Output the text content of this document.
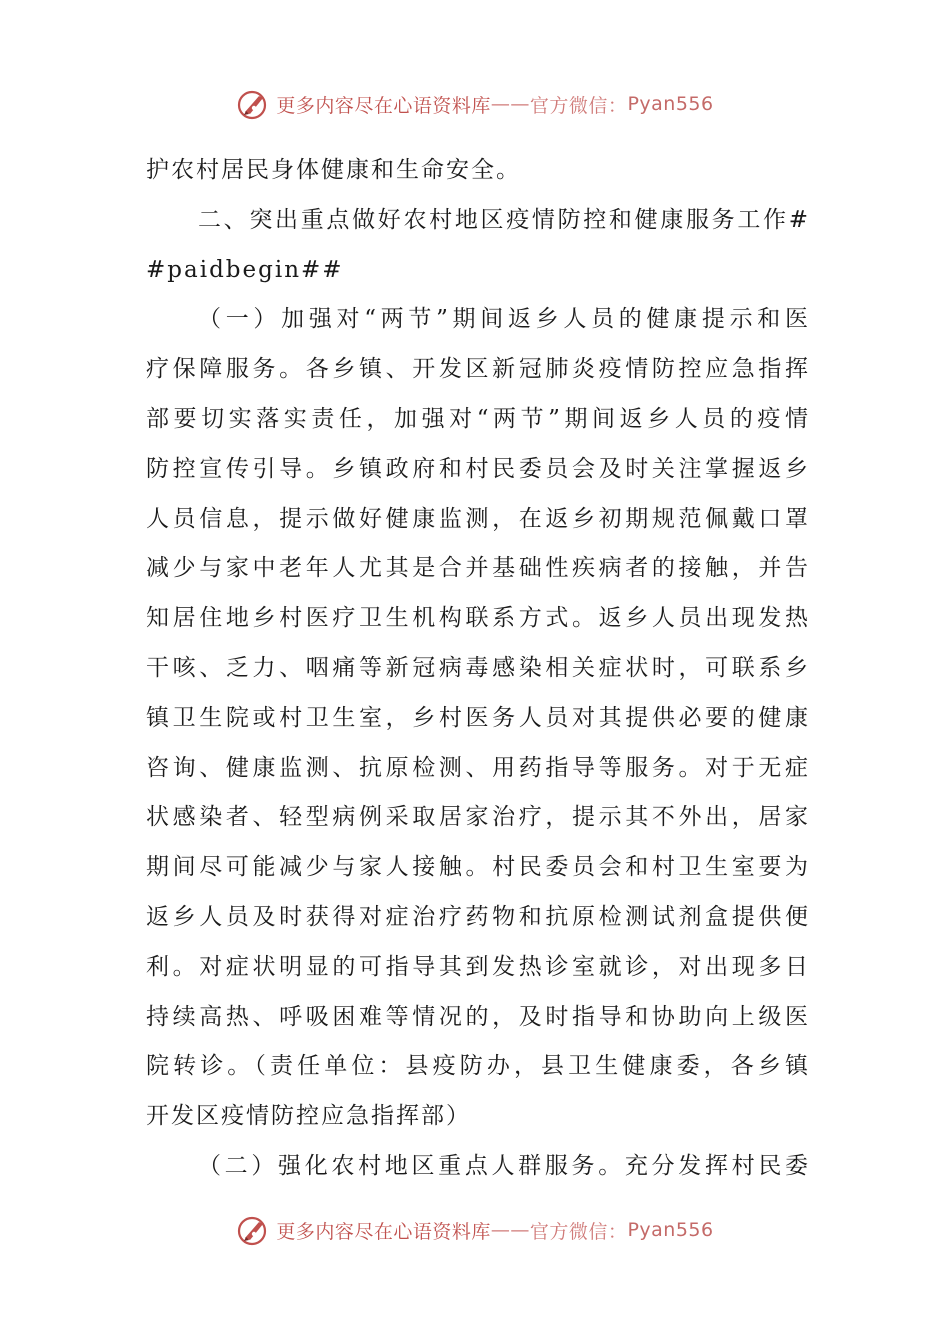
更多内容尽在心语资料库 —— 官方微信： Pyan556
护农村居民身体健康和生命安全。
二、突出重点做好农村地区疫情防控和健康服务工作#
#paidbegin##
（一）加强对“两节”期间返乡人员的健康提示和医
疗保障服务。各乡镇、开发区新冠肺炎疫情防控应急指挥
部要切实落实责任，加强对“两节”期间返乡人员的疫情
防控宣传引导。乡镇政府和村民委员会及时关注掌握返乡
人员信息，提示做好健康监测，在返乡初期规范佩戴口罩
减少与家中老年人尤其是合并基础性疾病者的接触，并告
知居住地乡村医疗卫生机构联系方式。返乡人员出现发热
干咳、乏力、咽痛等新冠病毒感染相关症状时，可联系乡
镇卫生院或村卫生室，乡村医务人员对其提供必要的健康
咨询、健康监测、抗原检测、用药指导等服务。对于无症
状感染者、轻型病例采取居家治疗，提示其不外出，居家
期间尽可能减少与家人接触。村民委员会和村卫生室要为
返乡人员及时获得对症治疗药物和抗原检测试剂盒提供便
利。对症状明显的可指导其到发热诊室就诊，对出现多日
持续高热、呼吸困难等情况的，及时指导和协助向上级医
院转诊。（责任单位：县疫防办，县卫生健康委，各乡镇
开发区疫情防控应急指挥部）
（二）强化农村地区重点人群服务。充分发挥村民委
更多内容尽在心语资料库 —— 官方微信： Pyan556
